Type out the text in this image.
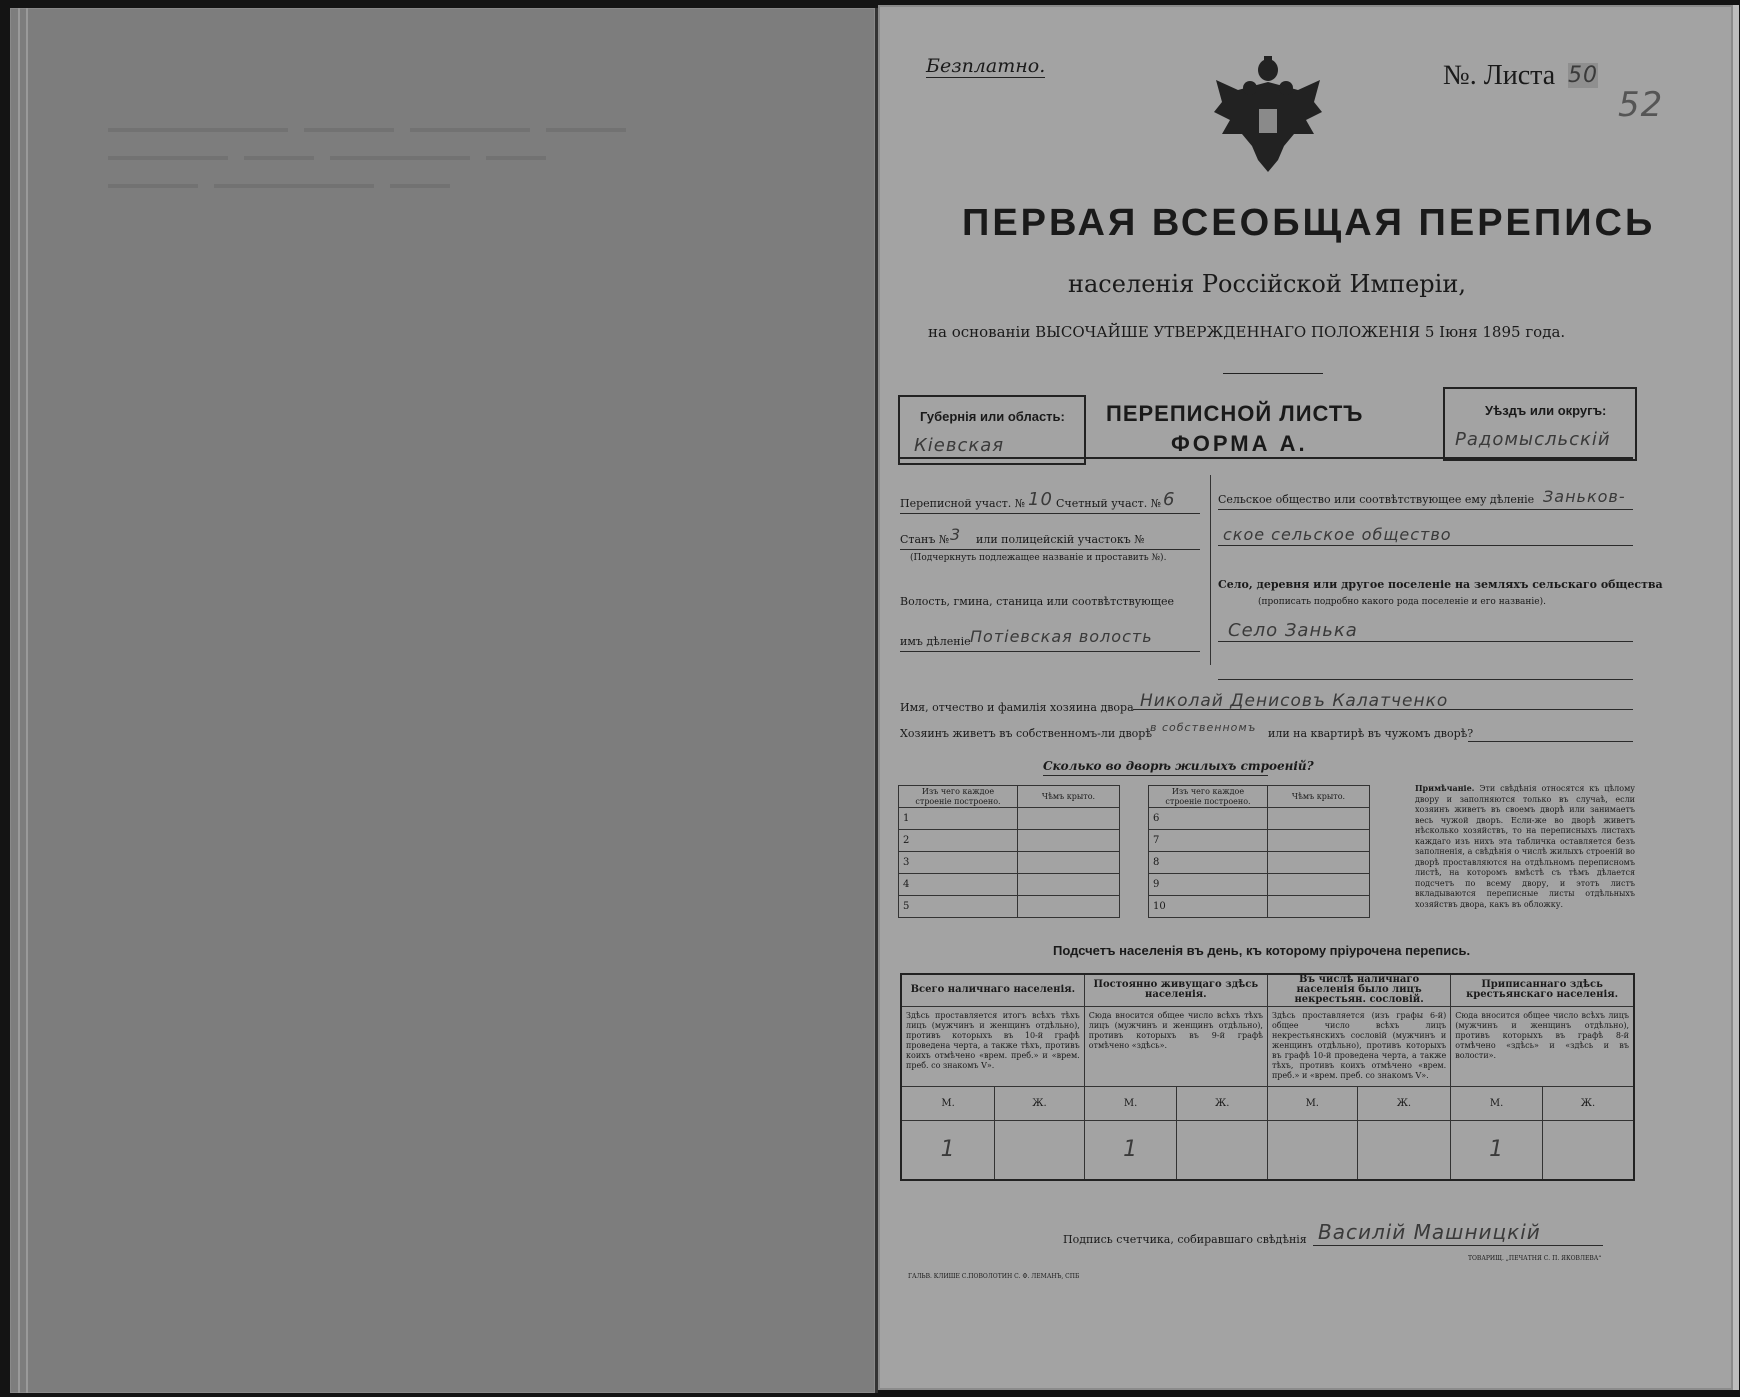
Безплатно.	№. Листа 50
52
ПЕРВАЯ ВСЕОБЩАЯ ПЕРЕПИСЬ
населенія Россійской Имперіи,
на основаніи ВЫСОЧАЙШЕ УТВЕРЖДЕННАГО ПОЛОЖЕНІЯ 5 Іюня 1895 года.
Губернія или область:
Кіевская
ПЕРЕПИСНОЙ ЛИСТЪ
ФОРМА А.
Уѣздъ или округъ:
Радомысльскій
Переписной участ. № 10 Счетный участ. № 6
Станъ № 3 или полицейскій участокъ №
(Подчеркнуть подлежащее названіе и проставить №).
Волость, гмина, станица или соотвѣтствующее
имъ дѣленіе Потіевская волость
Сельское общество или соотвѣтствующее ему дѣленіе Заньков-
ское сельское общество
Село, деревня или другое поселеніе на земляхъ сельскаго общества
(прописать подробно какого рода поселеніе и его названіе).
Село Занька
Имя, отчество и фамилія хозяина двора Николай Денисовъ Калатченко
Хозяинъ живетъ въ собственномъ-ли дворѣ
в собственномъ или на квартирѣ въ чужомъ дворѣ?
Сколько во дворѣ жилыхъ строеній?
Изъ чего каждое строеніе построено.	Чѣмъ крыто.
1	
2	
3	
4	
5	
Изъ чего каждое строеніе построено.	Чѣмъ крыто.
6	
7	
8	
9	
10	
Примѣчаніе. Эти свѣдѣнія относятся къ цѣлому двору и заполняются только въ случаѣ, если хозяинъ живетъ въ своемъ дворѣ или занимаетъ весь чужой дворъ. Если-же во дворѣ живетъ нѣсколько хозяйствъ, то на переписныхъ листахъ каждаго изъ нихъ эта табличка оставляется безъ заполненія, а свѣдѣнія о числѣ жилыхъ строеній во дворѣ проставляются на отдѣльномъ переписномъ листѣ, на которомъ вмѣстѣ съ тѣмъ дѣлается подсчетъ по всему двору, и этотъ листъ вкладываются переписные листы отдѣльныхъ хозяйствъ двора, какъ въ обложку.
Подсчетъ населенія въ день, къ которому пріурочена перепись.
Всего наличнаго населенія.		Постоянно живущаго здѣсь населенія.		Въ числѣ наличнаго населенія было лицъ некрестьян. сословій.		Приписаннаго здѣсь крестьянскаго населенія.	
Здѣсь проставляется итогъ всѣхъ тѣхъ лицъ (мужчинъ и женщинъ отдѣльно), противъ которыхъ въ 10-й графѣ проведена черта, а также тѣхъ, противъ коихъ отмѣчено «врем. преб.» и «врем. преб. со знакомъ V».		Сюда вносится общее число всѣхъ тѣхъ лицъ (мужчинъ и женщинъ отдѣльно), противъ которыхъ въ 9-й графѣ отмѣчено «здѣсь».		Здѣсь проставляется (изъ графы 6-й) общее число всѣхъ лицъ некрестьянскихъ сословій (мужчинъ и женщинъ отдѣльно), противъ которыхъ въ графѣ 10-й проведена черта, а также тѣхъ, противъ коихъ отмѣчено «врем. преб.» и «врем. преб. со знакомъ V».		Сюда вносится общее число всѣхъ лицъ (мужчинъ и женщинъ отдѣльно), противъ которыхъ въ графѣ 8-й отмѣчено «здѣсь» и «здѣсь и въ волости».	
М.	Ж.	М.	Ж.	М.	Ж.	М.	Ж.
1		1				1	
Подпись счетчика, собиравшаго свѣдѣнія Василій Машницкій
ГАЛЬВ. КЛИШЕ С.ПОВОЛОТИН С. Ф. ЛЕМАНЪ, СПБ
ТОВАРИЩ. „ПЕЧАТНЯ С. П. ЯКОВЛЕВА“
